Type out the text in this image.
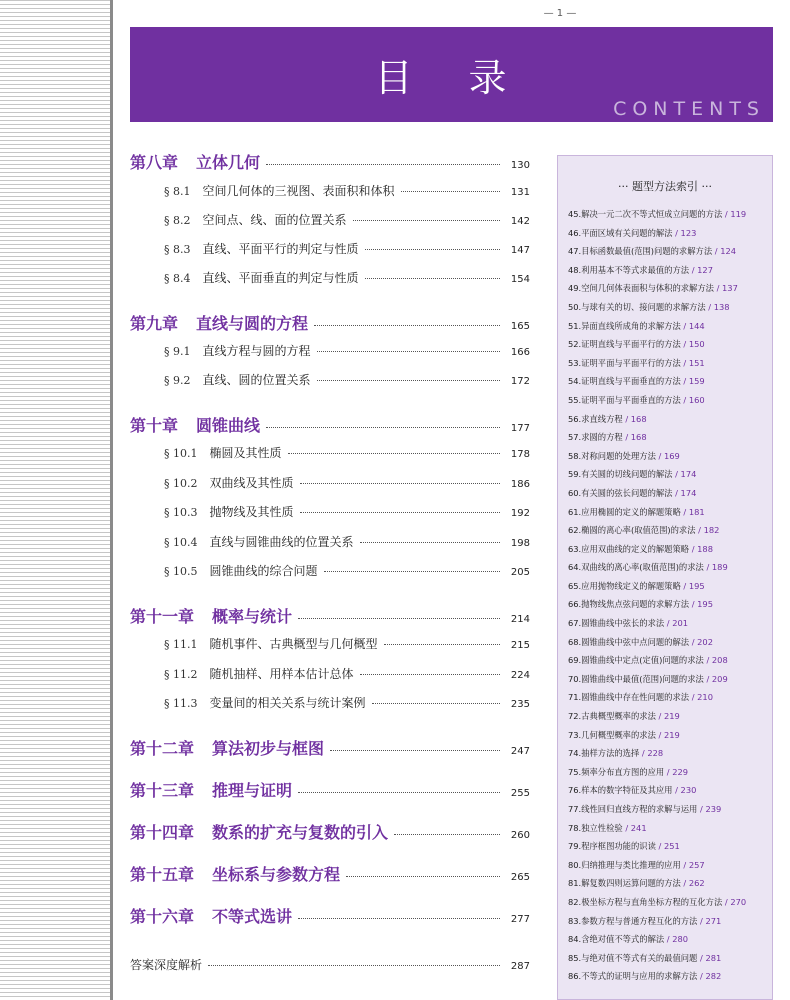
— 1 —
目 录
CONTENTS
第八章 立体几何	130
§ 8.1 空间几何体的三视图、表面积和体积	131
§ 8.2 空间点、线、面的位置关系	142
§ 8.3 直线、平面平行的判定与性质	147
§ 8.4 直线、平面垂直的判定与性质	154
第九章 直线与圆的方程	165
§ 9.1 直线方程与圆的方程	166
§ 9.2 直线、圆的位置关系	172
第十章 圆锥曲线	177
§ 10.1 椭圆及其性质	178
§ 10.2 双曲线及其性质	186
§ 10.3 抛物线及其性质	192
§ 10.4 直线与圆锥曲线的位置关系	198
§ 10.5 圆锥曲线的综合问题	205
第十一章 概率与统计	214
§ 11.1 随机事件、古典概型与几何概型	215
§ 11.2 随机抽样、用样本估计总体	224
§ 11.3 变量间的相关关系与统计案例	235
第十二章 算法初步与框图	247
第十三章 推理与证明	255
第十四章 数系的扩充与复数的引入	260
第十五章 坐标系与参数方程	265
第十六章 不等式选讲	277
答案深度解析	287
··· 题型方法索引 ···
45.解决一元二次不等式恒成立问题的方法 / 119
46.平面区域有关问题的解法 / 123
47.目标函数最值(范围)问题的求解方法 / 124
48.利用基本不等式求最值的方法 / 127
49.空间几何体表面积与体积的求解方法 / 137
50.与球有关的切、接问题的求解方法 / 138
51.异面直线所成角的求解方法 / 144
52.证明直线与平面平行的方法 / 150
53.证明平面与平面平行的方法 / 151
54.证明直线与平面垂直的方法 / 159
55.证明平面与平面垂直的方法 / 160
56.求直线方程 / 168
57.求圆的方程 / 168
58.对称问题的处理方法 / 169
59.有关圆的切线问题的解法 / 174
60.有关圆的弦长问题的解法 / 174
61.应用椭圆的定义的解题策略 / 181
62.椭圆的离心率(取值范围)的求法 / 182
63.应用双曲线的定义的解题策略 / 188
64.双曲线的离心率(取值范围)的求法 / 189
65.应用抛物线定义的解题策略 / 195
66.抛物线焦点弦问题的求解方法 / 195
67.圆锥曲线中弦长的求法 / 201
68.圆锥曲线中弦中点问题的解法 / 202
69.圆锥曲线中定点(定值)问题的求法 / 208
70.圆锥曲线中最值(范围)问题的求法 / 209
71.圆锥曲线中存在性问题的求法 / 210
72.古典概型概率的求法 / 219
73.几何概型概率的求法 / 219
74.抽样方法的选择 / 228
75.频率分布直方图的应用 / 229
76.样本的数字特征及其应用 / 230
77.线性回归直线方程的求解与运用 / 239
78.独立性检验 / 241
79.程序框图功能的识读 / 251
80.归纳推理与类比推理的应用 / 257
81.解复数四则运算问题的方法 / 262
82.极坐标方程与直角坐标方程的互化方法 / 270
83.参数方程与普通方程互化的方法 / 271
84.含绝对值不等式的解法 / 280
85.与绝对值不等式有关的最值问题 / 281
86.不等式的证明与应用的求解方法 / 282
